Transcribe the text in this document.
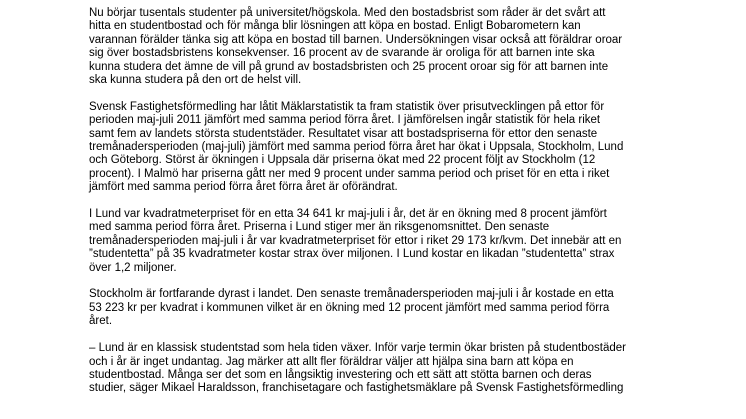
Nu börjar tusentals studenter på universitet/högskola. Med den bostadsbrist som råder är det svårt att
hitta en studentbostad och för många blir lösningen att köpa en bostad. Enligt Bobarometern kan
varannan förälder tänka sig att köpa en bostad till barnen. Undersökningen visar också att föräldrar oroar
sig över bostadsbristens konsekvenser. 16 procent av de svarande är oroliga för att barnen inte ska
kunna studera det ämne de vill på grund av bostadsbristen och 25 procent oroar sig för att barnen inte
ska kunna studera på den ort de helst vill.

Svensk Fastighetsförmedling har låtit Mäklarstatistik ta fram statistik över prisutvecklingen på ettor för
perioden maj-juli 2011 jämfört med samma period förra året. I jämförelsen ingår statistik för hela riket
samt fem av landets största studentstäder. Resultatet visar att bostadspriserna för ettor den senaste
tremånadersperioden (maj-juli) jämfört med samma period förra året har ökat i Uppsala, Stockholm, Lund
och Göteborg. Störst är ökningen i Uppsala där priserna ökat med 22 procent följt av Stockholm (12
procent). I Malmö har priserna gått ner med 9 procent under samma period och priset för en etta i riket
jämfört med samma period förra året förra året är oförändrat.

I Lund var kvadratmeterpriset för en etta 34 641 kr maj-juli i år, det är en ökning med 8 procent jämfört
med samma period förra året. Priserna i Lund stiger mer än riksgenomsnittet. Den senaste
tremånadersperioden maj-juli i år var kvadratmeterpriset för ettor i riket 29 173 kr/kvm. Det innebär att en
”studentetta” på 35 kvadratmeter kostar strax över miljonen. I Lund kostar en likadan ”studentetta” strax
över 1,2 miljoner.

Stockholm är fortfarande dyrast i landet. Den senaste tremånadersperioden maj-juli i år kostade en etta
53 223 kr per kvadrat i kommunen vilket är en ökning med 12 procent jämfört med samma period förra
året.

– Lund är en klassisk studentstad som hela tiden växer. Inför varje termin ökar bristen på studentbostäder
och i år är inget undantag. Jag märker att allt fler föräldrar väljer att hjälpa sina barn att köpa en
studentbostad. Många ser det som en långsiktig investering och ett sätt att stötta barnen och deras
studier, säger Mikael Haraldsson, franchisetagare och fastighetsmäklare på Svensk Fastighetsförmedling
